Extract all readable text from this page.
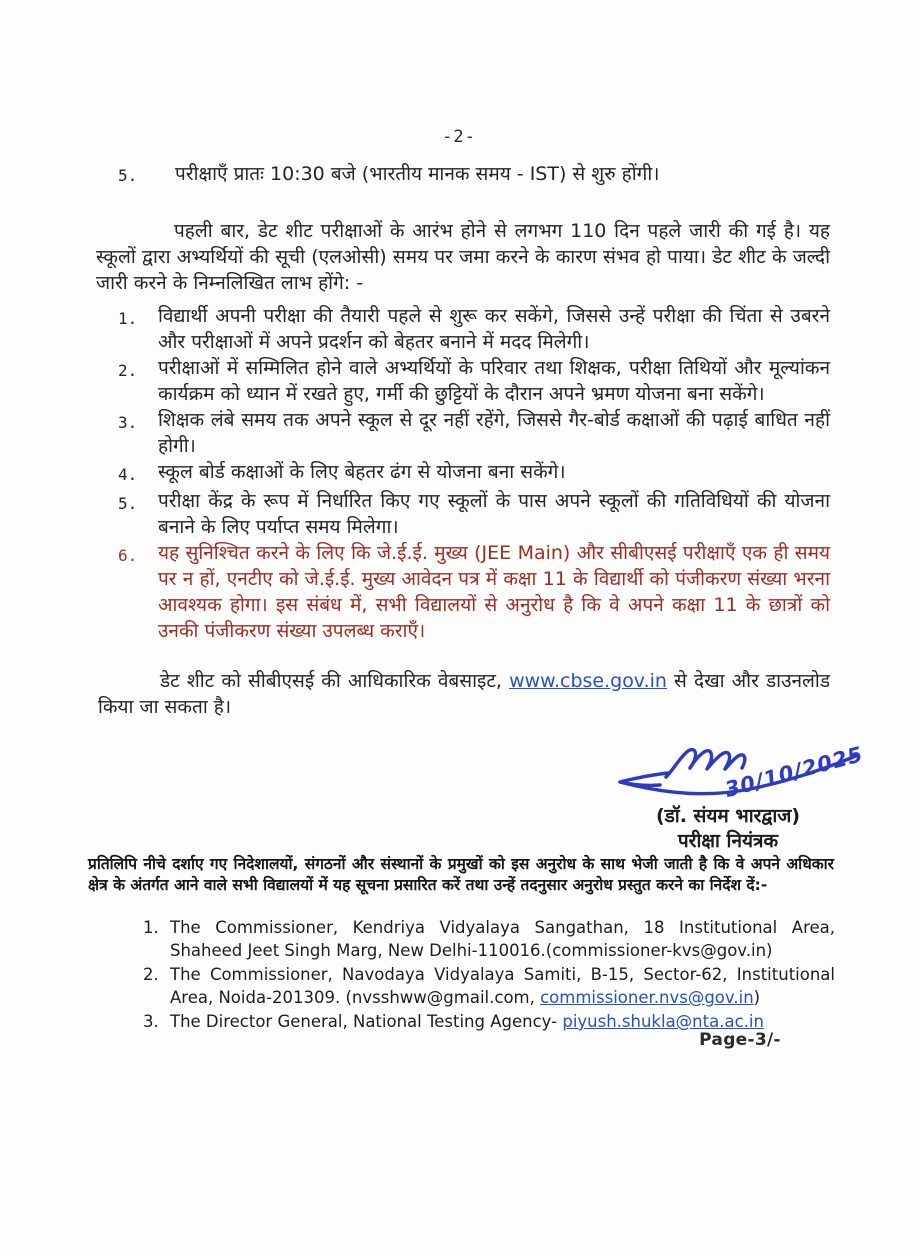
-2-
5.	परीक्षाएँ प्रातः 10:30 बजे (भारतीय मानक समय - IST) से शुरु होंगी।
पहली बार, डेट शीट परीक्षाओं के आरंभ होने से लगभग 110 दिन पहले जारी की गई है। यह स्कूलों द्वारा अभ्यर्थियों की सूची (एलओसी) समय पर जमा करने के कारण संभव हो पाया। डेट शीट के जल्दी जारी करने के निम्नलिखित लाभ होंगे: -
1.	विद्यार्थी अपनी परीक्षा की तैयारी पहले से शुरू कर सकेंगे, जिससे उन्हें परीक्षा की चिंता से उबरने और परीक्षाओं में अपने प्रदर्शन को बेहतर बनाने में मदद मिलेगी।
2.	परीक्षाओं में सम्मिलित होने वाले अभ्यर्थियों के परिवार तथा शिक्षक, परीक्षा तिथियों और मूल्यांकन कार्यक्रम को ध्यान में रखते हुए, गर्मी की छुट्टियों के दौरान अपने भ्रमण योजना बना सकेंगे।
3.	शिक्षक लंबे समय तक अपने स्कूल से दूर नहीं रहेंगे, जिससे गैर-बोर्ड कक्षाओं की पढ़ाई बाधित नहीं होगी।
4.	स्कूल बोर्ड कक्षाओं के लिए बेहतर ढंग से योजना बना सकेंगे।
5.	परीक्षा केंद्र के रूप में निर्धारित किए गए स्कूलों के पास अपने स्कूलों की गतिविधियों की योजना बनाने के लिए पर्याप्त समय मिलेगा।
6.	यह सुनिश्चित करने के लिए कि जे.ई.ई. मुख्य (JEE Main) और सीबीएसई परीक्षाएँ एक ही समय पर न हों, एनटीए को जे.ई.ई. मुख्य आवेदन पत्र में कक्षा 11 के विद्यार्थी को पंजीकरण संख्या भरना आवश्यक होगा। इस संबंध में, सभी विद्यालयों से अनुरोध है कि वे अपने कक्षा 11 के छात्रों को उनकी पंजीकरण संख्या उपलब्ध कराएँ।
डेट शीट को सीबीएसई की आधिकारिक वेबसाइट, www.cbse.gov.in से देखा और डाउनलोड किया जा सकता है।
30/10/2025
(डॉ. संयम भारद्वाज)
परीक्षा नियंत्रक
प्रतिलिपि नीचे दर्शाए गए निदेशालयों, संगठनों और संस्थानों के प्रमुखों को इस अनुरोध के साथ भेजी जाती है कि वे अपने अधिकार क्षेत्र के अंतर्गत आने वाले सभी विद्यालयों में यह सूचना प्रसारित करें तथा उन्हें तदनुसार अनुरोध प्रस्तुत करने का निर्देश दें:-
1. The Commissioner, Kendriya Vidyalaya Sangathan, 18 Institutional Area, Shaheed Jeet Singh Marg, New Delhi-110016.(commissioner-kvs@gov.in)
2. The Commissioner, Navodaya Vidyalaya Samiti, B-15, Sector-62, Institutional Area, Noida-201309. (nvsshww@gmail.com, commissioner.nvs@gov.in)
3. The Director General, National Testing Agency- piyush.shukla@nta.ac.in
Page-3/-
